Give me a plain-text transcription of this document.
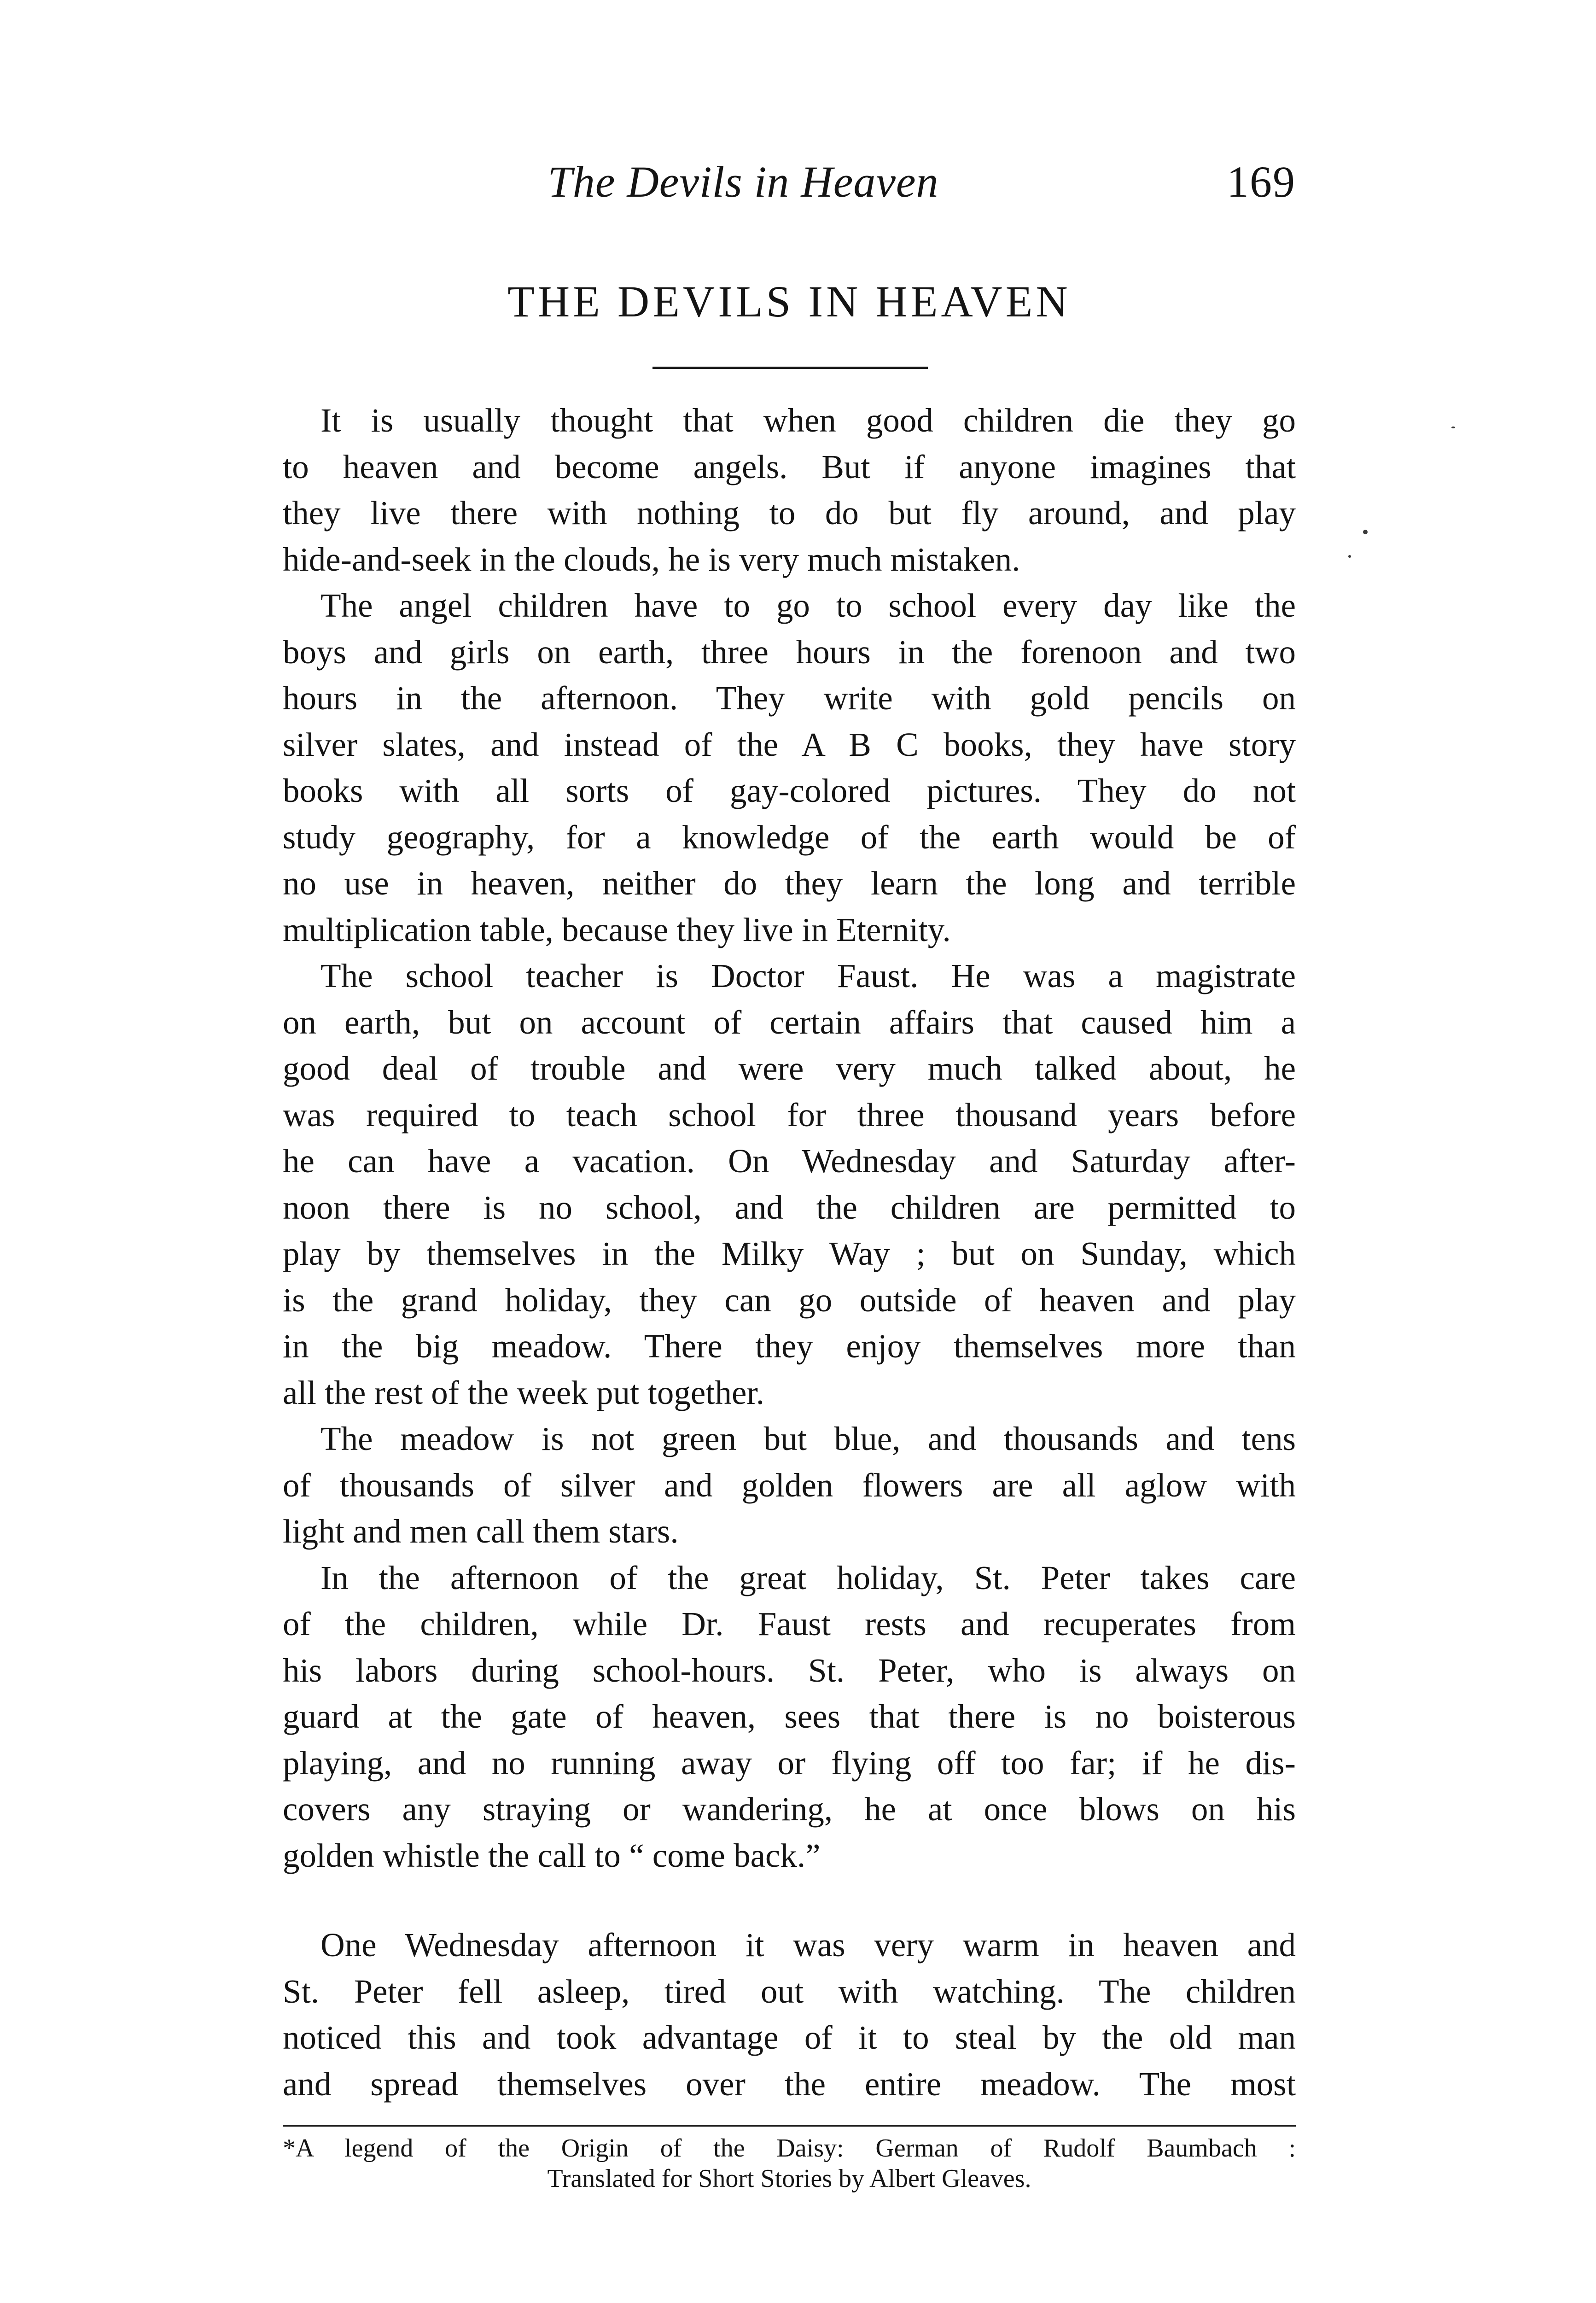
The Devils in Heaven	169
THE DEVILS IN HEAVEN
It is usually thought that when good children die they go
to heaven and become angels. But if anyone imagines that
they live there with nothing to do but fly around, and play
hide-and-seek in the clouds, he is very much mistaken.
The angel children have to go to school every day like the
boys and girls on earth, three hours in the forenoon and two
hours in the afternoon. They write with gold pencils on
silver slates, and instead of the A B C books, they have story
books with all sorts of gay-colored pictures. They do not
study geography, for a knowledge of the earth would be of
no use in heaven, neither do they learn the long and terrible
multiplication table, because they live in Eternity.
The school teacher is Doctor Faust. He was a magistrate
on earth, but on account of certain affairs that caused him a
good deal of trouble and were very much talked about, he
was required to teach school for three thousand years before
he can have a vacation. On Wednesday and Saturday after-
noon there is no school, and the children are permitted to
play by themselves in the Milky Way ; but on Sunday, which
is the grand holiday, they can go outside of heaven and play
in the big meadow. There they enjoy themselves more than
all the rest of the week put together.
The meadow is not green but blue, and thousands and tens
of thousands of silver and golden flowers are all aglow with
light and men call them stars.
In the afternoon of the great holiday, St. Peter takes care
of the children, while Dr. Faust rests and recuperates from
his labors during school-hours. St. Peter, who is always on
guard at the gate of heaven, sees that there is no boisterous
playing, and no running away or flying off too far; if he dis-
covers any straying or wandering, he at once blows on his
golden whistle the call to “ come back.”
One Wednesday afternoon it was very warm in heaven and
St. Peter fell asleep, tired out with watching. The children
noticed this and took advantage of it to steal by the old man
and spread themselves over the entire meadow. The most
*A legend of the Origin of the Daisy: German of Rudolf Baumbach :
Translated for Short Stories by Albert Gleaves.
